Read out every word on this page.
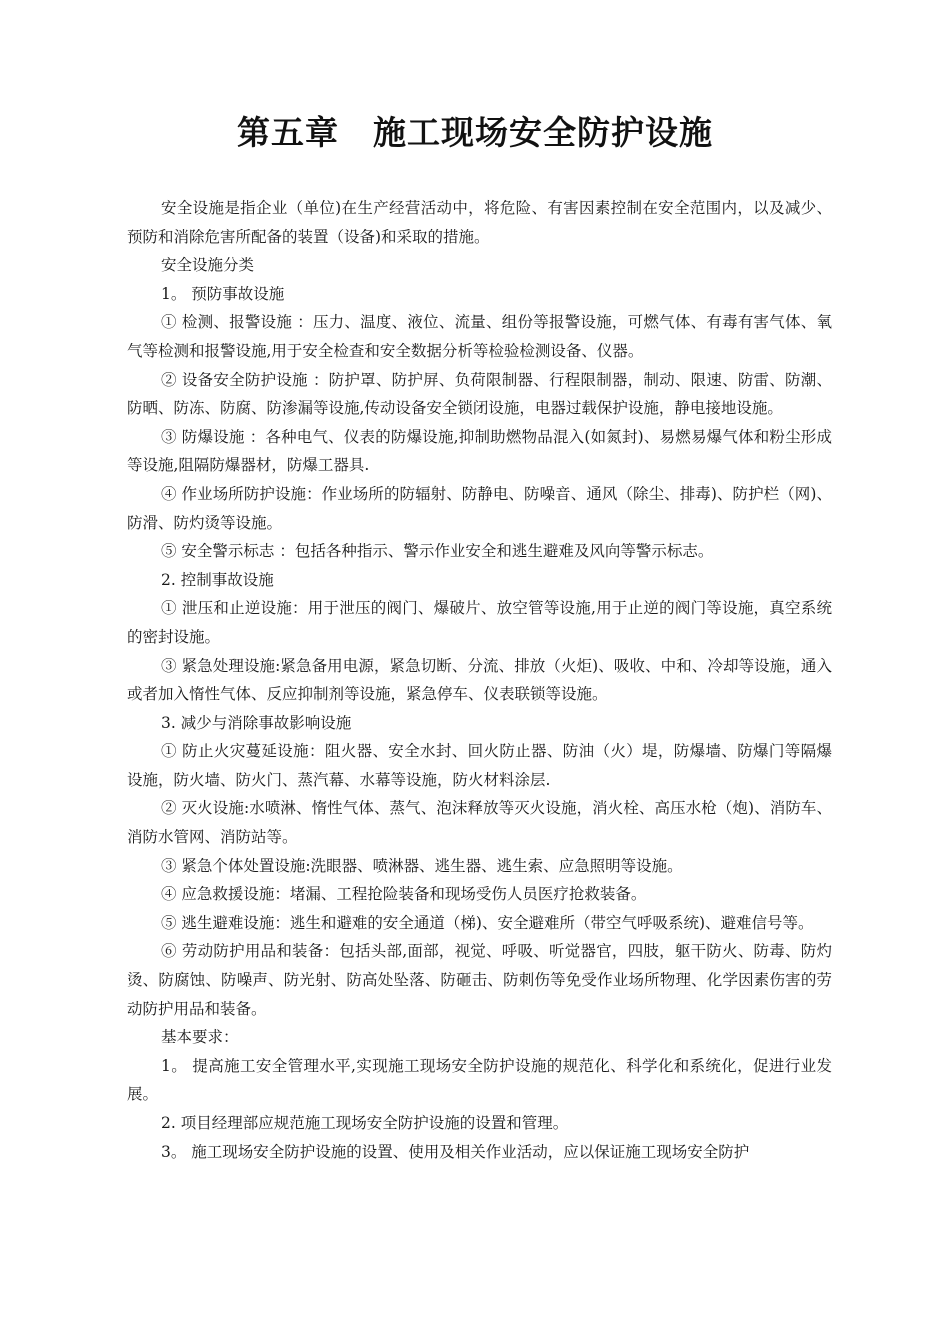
第五章　施工现场安全防护设施

安全设施是指企业（单位)在生产经营活动中，将危险、有害因素控制在安全范围内，以及减少、预防和消除危害所配备的装置（设备)和采取的措施。

安全设施分类

1。 预防事故设施

① 检测、报警设施 ：压力、温度、液位、流量、组份等报警设施，可燃气体、有毒有害气体、氧气等检测和报警设施,用于安全检查和安全数据分析等检验检测设备、仪器。

② 设备安全防护设施 ：防护罩、防护屏、负荷限制器、行程限制器，制动、限速、防雷、防潮、防晒、防冻、防腐、防渗漏等设施,传动设备安全锁闭设施，电器过载保护设施，静电接地设施。

③ 防爆设施 ：各种电气、仪表的防爆设施,抑制助燃物品混入(如氮封)、易燃易爆气体和粉尘形成等设施,阻隔防爆器材，防爆工器具.

④ 作业场所防护设施：作业场所的防辐射、防静电、防噪音、通风（除尘、排毒)、防护栏（网)、防滑、防灼烫等设施。

⑤ 安全警示标志 ：包括各种指示、警示作业安全和逃生避难及风向等警示标志。

2. 控制事故设施

① 泄压和止逆设施：用于泄压的阀门、爆破片、放空管等设施,用于止逆的阀门等设施，真空系统的密封设施。

③ 紧急处理设施:紧急备用电源，紧急切断、分流、排放（火炬)、吸收、中和、冷却等设施，通入或者加入惰性气体、反应抑制剂等设施，紧急停车、仪表联锁等设施。

3. 减少与消除事故影响设施

① 防止火灾蔓延设施：阻火器、安全水封、回火防止器、防油（火）堤，防爆墙、防爆门等隔爆设施，防火墙、防火门、蒸汽幕、水幕等设施，防火材料涂层.

② 灭火设施:水喷淋、惰性气体、蒸气、泡沫释放等灭火设施，消火栓、高压水枪（炮)、消防车、消防水管网、消防站等。

③ 紧急个体处置设施:洗眼器、喷淋器、逃生器、逃生索、应急照明等设施。

④ 应急救援设施：堵漏、工程抢险装备和现场受伤人员医疗抢救装备。

⑤ 逃生避难设施：逃生和避难的安全通道（梯)、安全避难所（带空气呼吸系统)、避难信号等。

⑥ 劳动防护用品和装备：包括头部,面部，视觉、呼吸、听觉器官，四肢，躯干防火、防毒、防灼烫、防腐蚀、防噪声、防光射、防高处坠落、防砸击、防刺伤等免受作业场所物理、化学因素伤害的劳动防护用品和装备。

基本要求：

1。 提高施工安全管理水平,实现施工现场安全防护设施的规范化、科学化和系统化，促进行业发展。

2. 项目经理部应规范施工现场安全防护设施的设置和管理。

3。 施工现场安全防护设施的设置、使用及相关作业活动，应以保证施工现场安全防护
